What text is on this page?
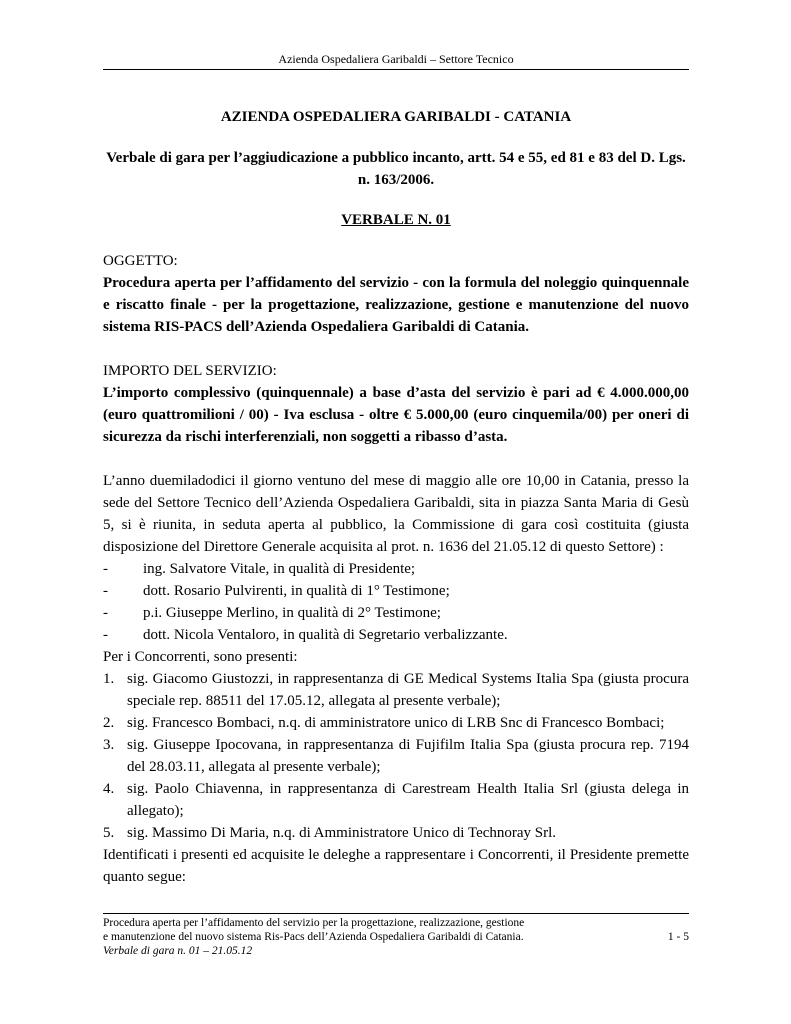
Azienda Ospedaliera Garibaldi – Settore Tecnico

AZIENDA OSPEDALIERA GARIBALDI - CATANIA

Verbale di gara per l’aggiudicazione a pubblico incanto, artt. 54 e 55, ed 81 e 83 del D. Lgs. n. 163/2006.

VERBALE N. 01

OGGETTO:

Procedura aperta per l’affidamento del servizio - con la formula del noleggio quinquennale e riscatto finale - per la progettazione, realizzazione, gestione e manutenzione del nuovo sistema RIS-PACS dell’Azienda Ospedaliera Garibaldi di Catania.

IMPORTO DEL SERVIZIO:

L’importo complessivo (quinquennale) a base d’asta del servizio è pari ad € 4.000.000,00 (euro quattromilioni / 00) - Iva esclusa - oltre € 5.000,00 (euro cinquemila/00) per oneri di sicurezza da rischi interferenziali, non soggetti a ribasso d’asta.

L’anno duemiladodici il giorno ventuno del mese di maggio alle ore 10,00 in Catania, presso la sede del Settore Tecnico dell’Azienda Ospedaliera Garibaldi, sita in piazza Santa Maria di Gesù 5, si è riunita, in seduta aperta al pubblico, la Commissione di gara così costituita (giusta disposizione del Direttore Generale acquisita al prot. n. 1636 del 21.05.12 di questo Settore) :

-	ing. Salvatore Vitale, in qualità di Presidente;
-	dott. Rosario Pulvirenti, in qualità di 1° Testimone;
-	p.i. Giuseppe Merlino, in qualità di 2° Testimone;
-	dott. Nicola Ventaloro, in qualità di Segretario verbalizzante.

Per i Concorrenti, sono presenti:

1. sig. Giacomo Giustozzi, in rappresentanza di GE Medical Systems Italia Spa (giusta procura speciale rep. 88511 del 17.05.12, allegata al presente verbale);
2. sig. Francesco Bombaci, n.q. di amministratore unico di LRB Snc di Francesco Bombaci;
3. sig. Giuseppe Ipocovana, in rappresentanza di Fujifilm Italia Spa (giusta procura rep. 7194 del 28.03.11, allegata al presente verbale);
4. sig. Paolo Chiavenna, in rappresentanza di Carestream Health Italia Srl (giusta delega in allegato);
5. sig. Massimo Di Maria, n.q. di Amministratore Unico di Technoray Srl.

Identificati i presenti ed acquisite le deleghe a rappresentare i Concorrenti, il Presidente premette quanto segue:

Procedura aperta per l’affidamento del servizio per la progettazione, realizzazione, gestione
e manutenzione del nuovo sistema Ris-Pacs dell’Azienda Ospedaliera Garibaldi di Catania.	1 - 5
Verbale di gara n. 01 – 21.05.12
